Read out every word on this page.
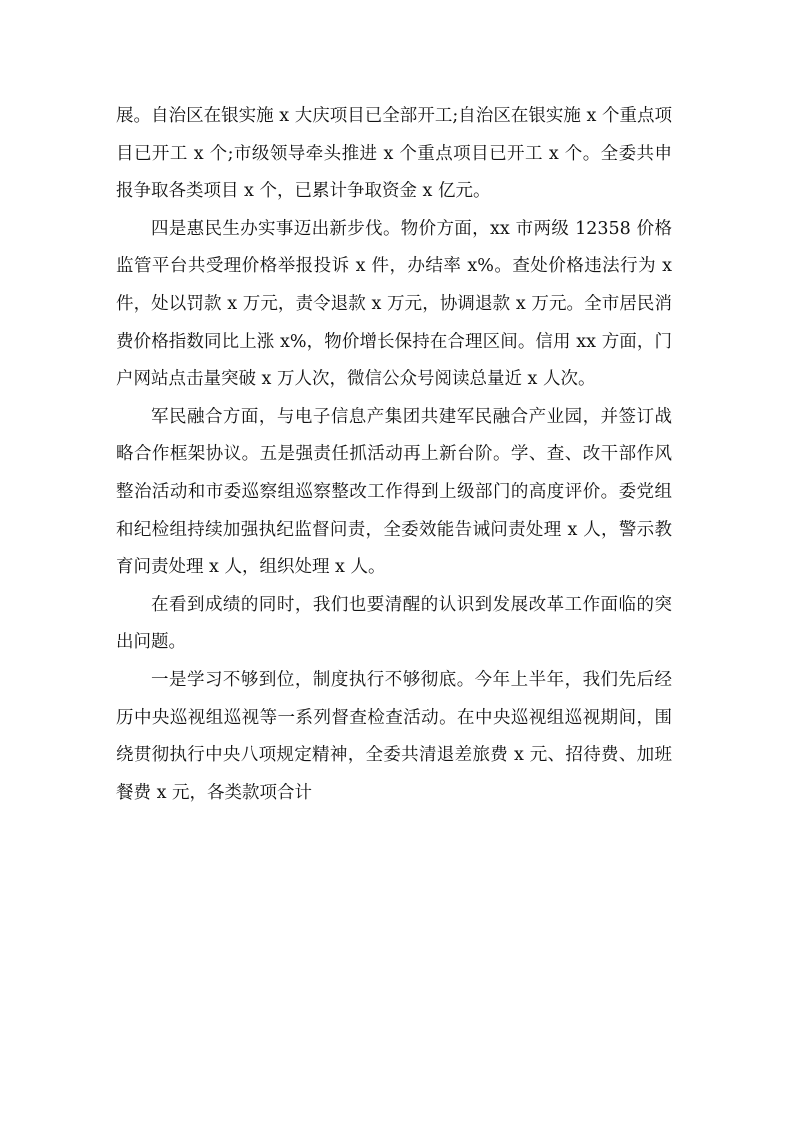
展。自治区在银实施 x 大庆项目已全部开工;自治区在银实施 x 个重点项目已开工 x 个;市级领导牵头推进 x 个重点项目已开工 x 个。全委共申报争取各类项目 x 个，已累计争取资金 x 亿元。

四是惠民生办实事迈出新步伐。物价方面，xx 市两级 12358 价格监管平台共受理价格举报投诉 x 件，办结率 x%。查处价格违法行为 x 件，处以罚款 x 万元，责令退款 x 万元，协调退款 x 万元。全市居民消费价格指数同比上涨 x%，物价增长保持在合理区间。信用 xx 方面，门户网站点击量突破 x 万人次，微信公众号阅读总量近 x 人次。

军民融合方面，与电子信息产集团共建军民融合产业园，并签订战略合作框架协议。五是强责任抓活动再上新台阶。学、查、改干部作风整治活动和市委巡察组巡察整改工作得到上级部门的高度评价。委党组和纪检组持续加强执纪监督问责，全委效能告诫问责处理 x 人，警示教育问责处理 x 人，组织处理 x 人。

在看到成绩的同时，我们也要清醒的认识到发展改革工作面临的突出问题。

一是学习不够到位，制度执行不够彻底。今年上半年，我们先后经历中央巡视组巡视等一系列督查检查活动。在中央巡视组巡视期间，围绕贯彻执行中央八项规定精神，全委共清退差旅费 x 元、招待费、加班餐费 x 元，各类款项合计
